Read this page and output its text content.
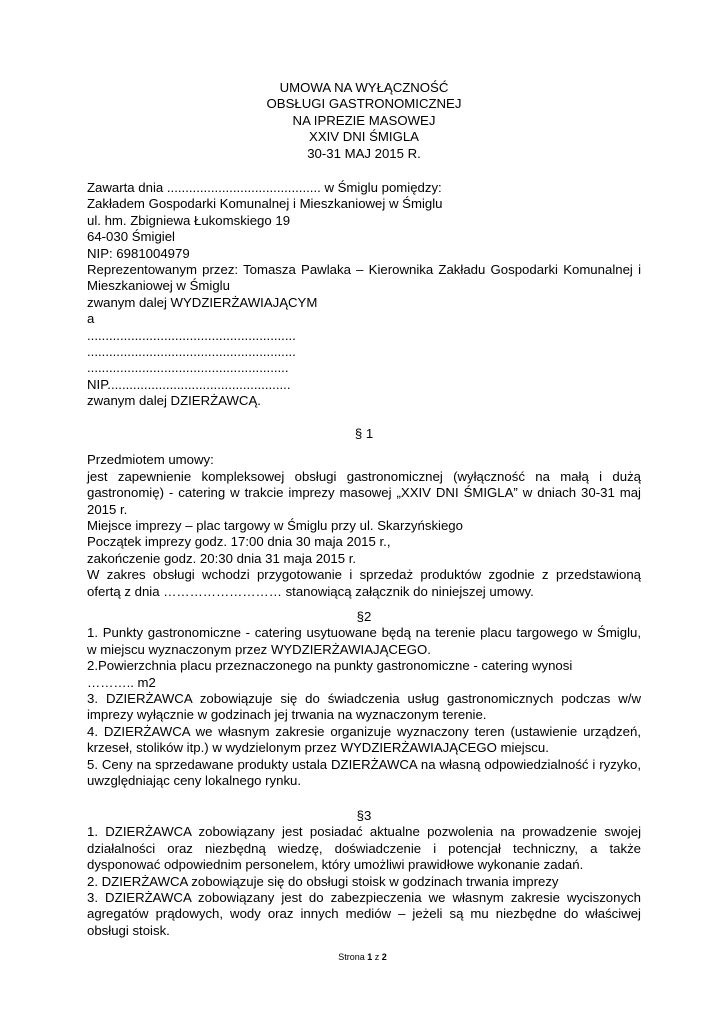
UMOWA NA WYŁĄCZNOŚĆ
OBSŁUGI GASTRONOMICZNEJ
NA IPREZIE MASOWEJ
XXIV DNI ŚMIGLA
30-31 MAJ 2015 R.
Zawarta dnia .......................................... w Śmiglu pomiędzy:
Zakładem Gospodarki Komunalnej i Mieszkaniowej w Śmiglu
ul. hm. Zbigniewa Łukomskiego 19
64-030 Śmigiel
NIP: 6981004979
Reprezentowanym przez: Tomasza Pawlaka – Kierownika Zakładu Gospodarki Komunalnej i Mieszkaniowej w Śmiglu
zwanym dalej WYDZIERŻAWIAJĄCYM
a
.........................................................
.........................................................
.......................................................
NIP..................................................
zwanym dalej DZIERŻAWCĄ.
§ 1
Przedmiotem umowy:
jest zapewnienie kompleksowej obsługi gastronomicznej (wyłączność na małą i dużą gastronomię) - catering w trakcie imprezy masowej „XXIV DNI ŚMIGLA” w dniach 30-31 maj 2015 r.
Miejsce imprezy – plac targowy w Śmiglu przy ul. Skarzyńskiego
Początek imprezy godz. 17:00 dnia 30 maja 2015 r.,
zakończenie godz. 20:30 dnia 31 maja 2015 r.
W zakres obsługi wchodzi przygotowanie i sprzedaż produktów zgodnie z przedstawioną ofertą z dnia ……………………… stanowiącą załącznik do niniejszej umowy.
§2
1. Punkty gastronomiczne - catering usytuowane będą na terenie placu targowego w Śmiglu, w miejscu wyznaczonym przez WYDZIERŻAWIAJĄCEGO.
2.Powierzchnia placu przeznaczonego na punkty gastronomiczne - catering wynosi
……….. m2
3. DZIERŻAWCA zobowiązuje się do świadczenia usług gastronomicznych podczas w/w imprezy wyłącznie w godzinach jej trwania na wyznaczonym terenie.
4. DZIERŻAWCA we własnym zakresie organizuje wyznaczony teren (ustawienie urządzeń, krzeseł, stolików itp.) w wydzielonym przez WYDZIERŻAWIAJĄCEGO miejscu.
5. Ceny na sprzedawane produkty ustala DZIERŻAWCA na własną odpowiedzialność i ryzyko, uwzględniając ceny lokalnego rynku.
§3
1. DZIERŻAWCA zobowiązany jest posiadać aktualne pozwolenia na prowadzenie swojej działalności oraz niezbędną wiedzę, doświadczenie i potencjał techniczny, a także dysponować odpowiednim personelem, który umożliwi prawidłowe wykonanie zadań.
2. DZIERŻAWCA zobowiązuje się do obsługi stoisk w godzinach trwania imprezy
3. DZIERŻAWCA zobowiązany jest do zabezpieczenia we własnym zakresie wyciszonych agregatów prądowych, wody oraz innych mediów – jeżeli są mu niezbędne do właściwej obsługi stoisk.
Strona 1 z 2
